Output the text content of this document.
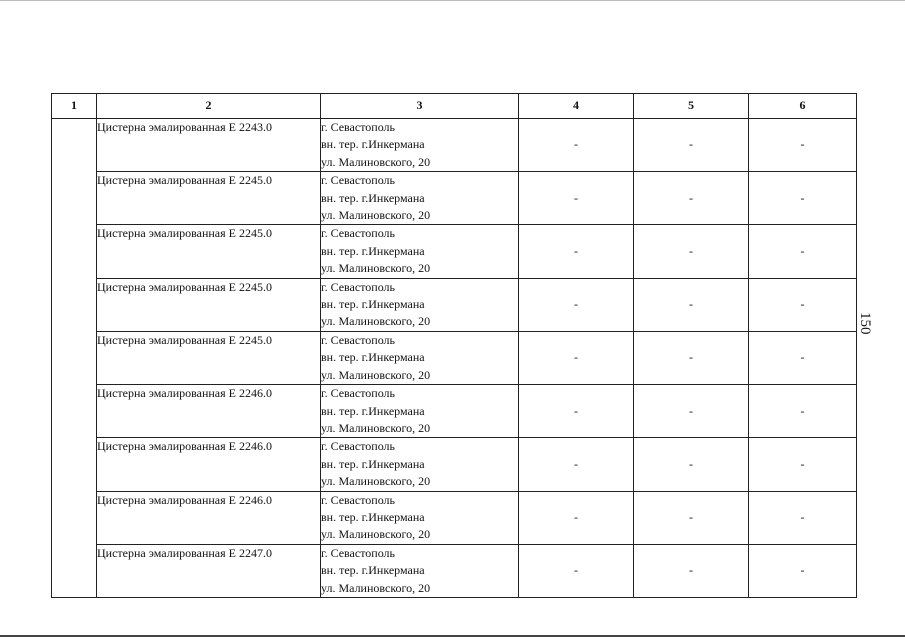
1	2	3	4	5	6
	Цистерна эмалированная Е 2243.0	г. Севастополь
вн. тер. г.Инкермана
ул. Малиновского, 20	-	-	-
	Цистерна эмалированная Е 2245.0	г. Севастополь
вн. тер. г.Инкермана
ул. Малиновского, 20	-	-	-
	Цистерна эмалированная Е 2245.0	г. Севастополь
вн. тер. г.Инкермана
ул. Малиновского, 20	-	-	-
	Цистерна эмалированная Е 2245.0	г. Севастополь
вн. тер. г.Инкермана
ул. Малиновского, 20	-	-	-
	Цистерна эмалированная Е 2245.0	г. Севастополь
вн. тер. г.Инкермана
ул. Малиновского, 20	-	-	-
	Цистерна эмалированная Е 2246.0	г. Севастополь
вн. тер. г.Инкермана
ул. Малиновского, 20	-	-	-
	Цистерна эмалированная Е 2246.0	г. Севастополь
вн. тер. г.Инкермана
ул. Малиновского, 20	-	-	-
	Цистерна эмалированная Е 2246.0	г. Севастополь
вн. тер. г.Инкермана
ул. Малиновского, 20	-	-	-
	Цистерна эмалированная Е 2247.0	г. Севастополь
вн. тер. г.Инкермана
ул. Малиновского, 20	-	-	-
150
